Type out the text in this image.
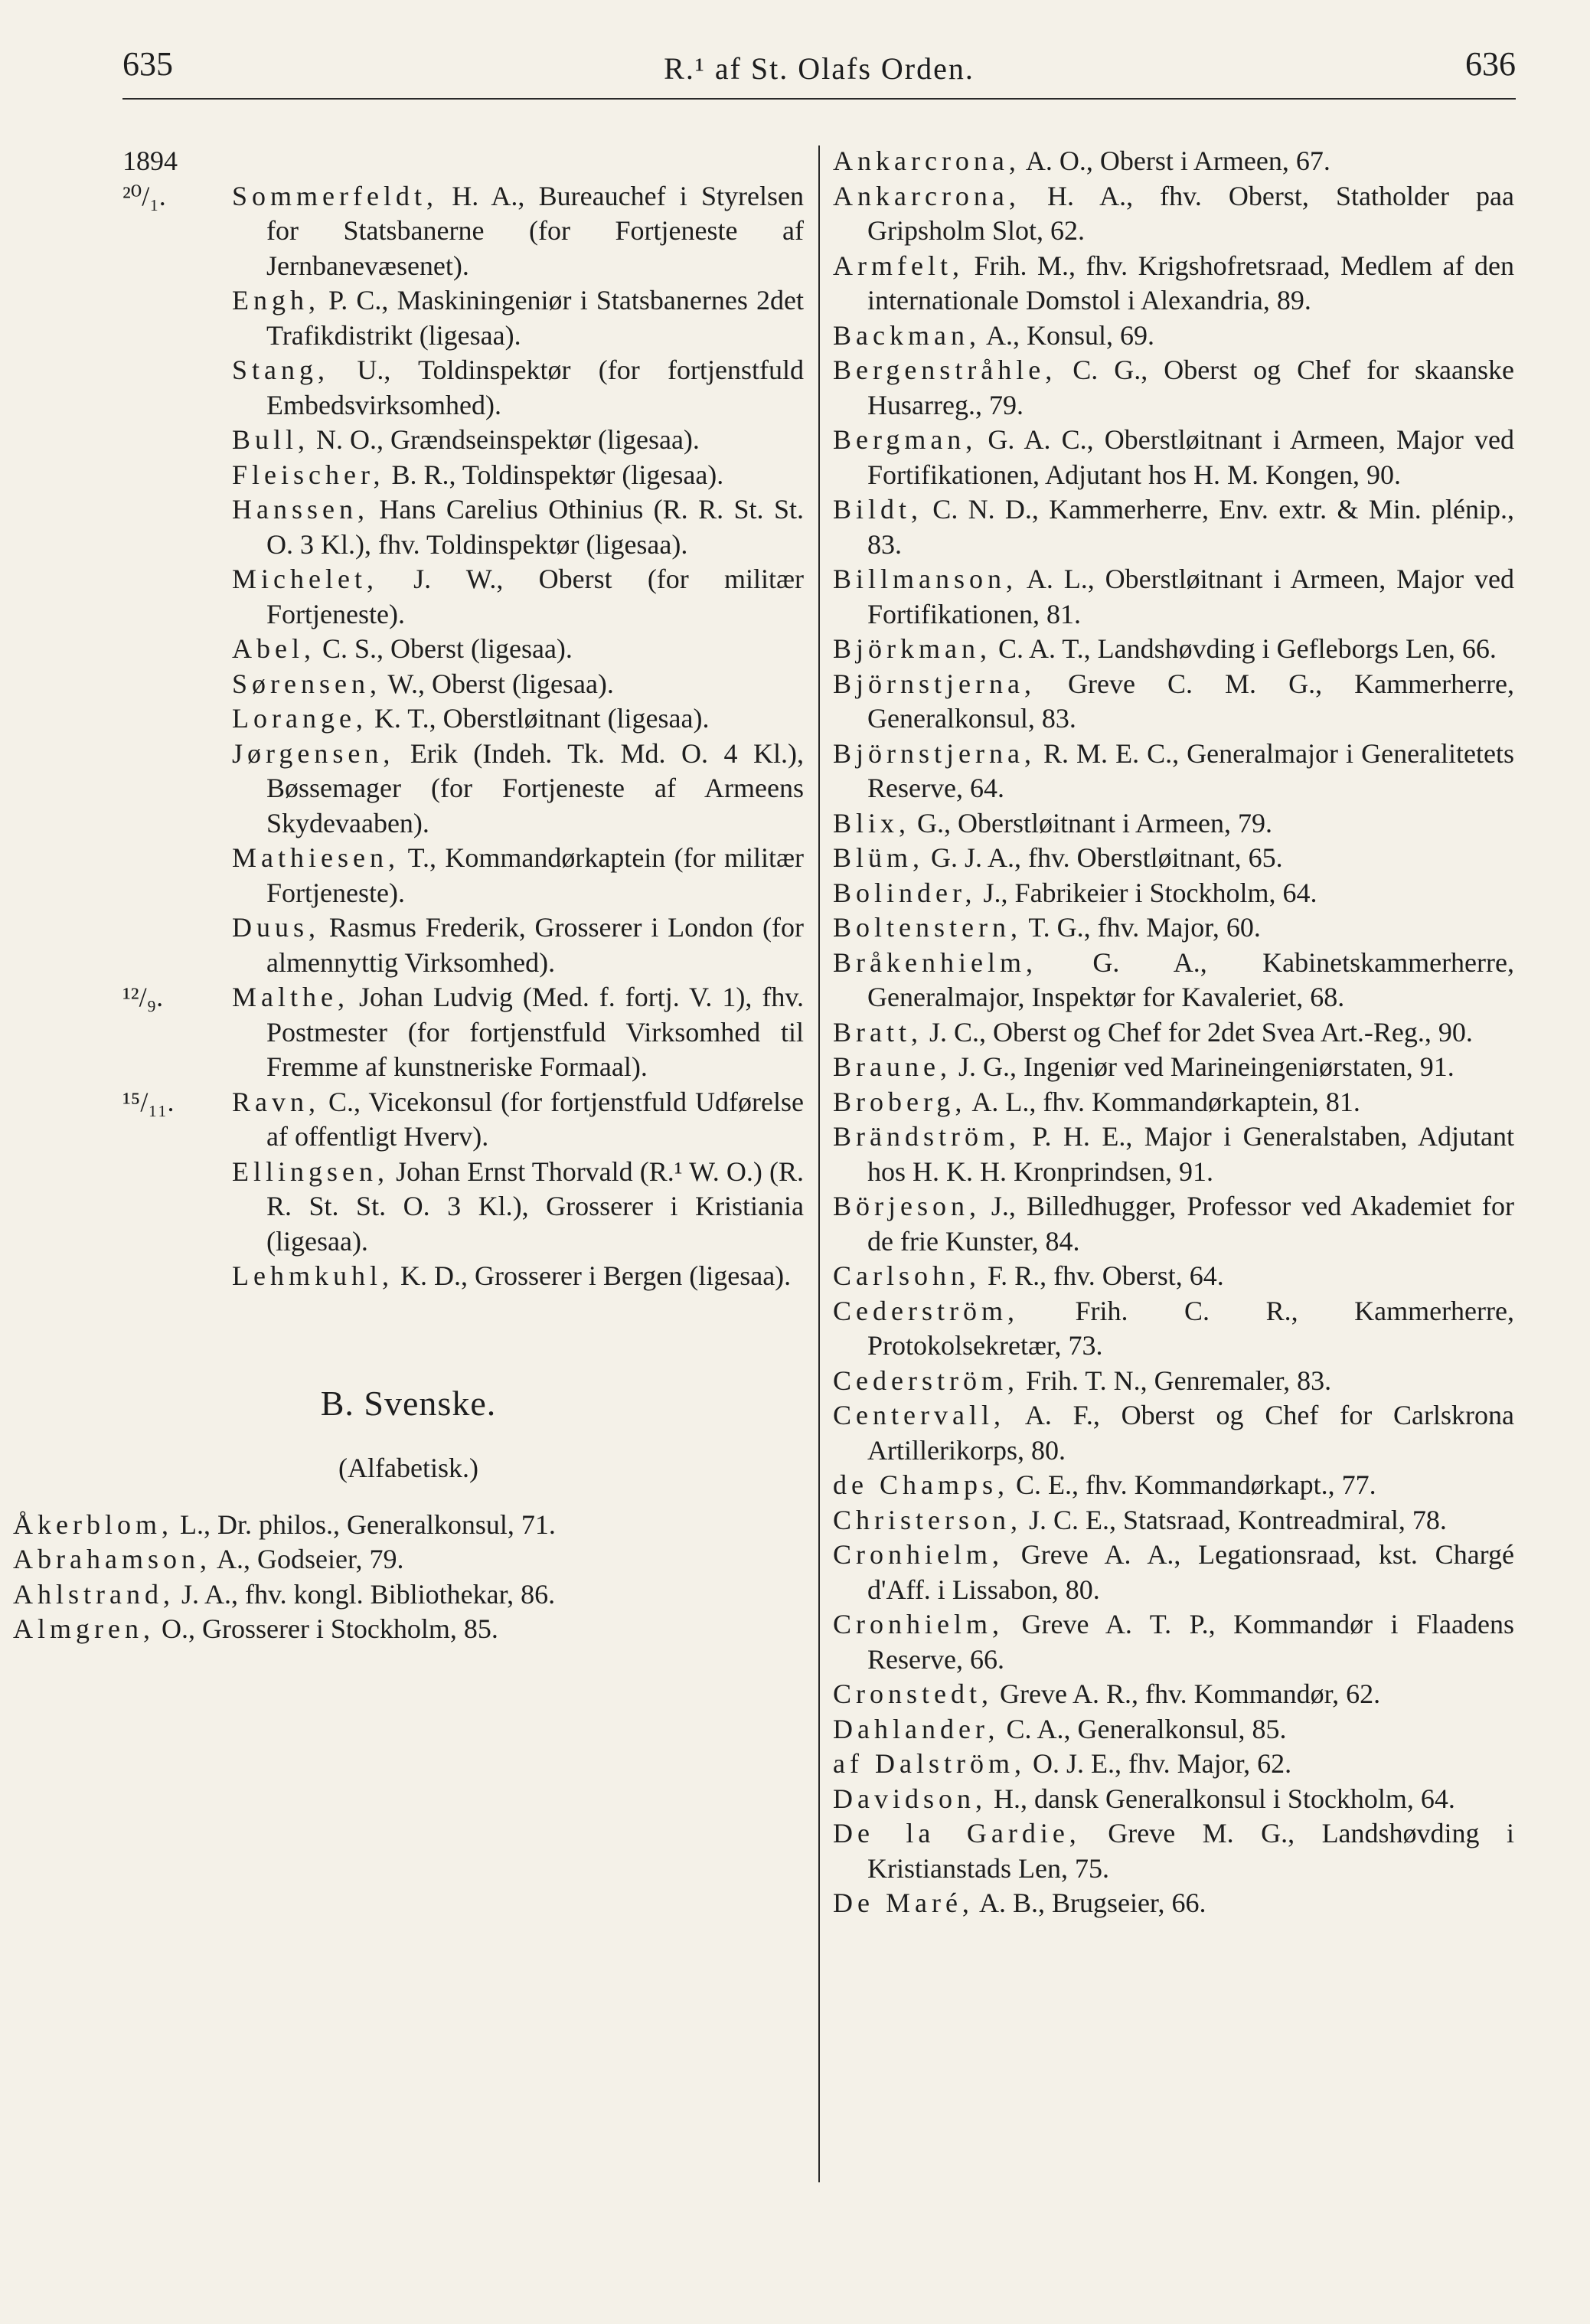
635	R.¹ af St. Olafs Orden.	636
1894
²⁰/₁.	Sommerfeldt, H. A., Bureauchef i Styrelsen for Statsbanerne (for Fortjeneste af Jernbanevæsenet).
Engh, P. C., Maskiningeniør i Statsbanernes 2det Trafikdistrikt (ligesaa).
Stang, U., Toldinspektør (for fortjenstfuld Embedsvirksomhed).
Bull, N. O., Grændseinspektør (ligesaa).
Fleischer, B. R., Toldinspektør (ligesaa).
Hanssen, Hans Carelius Othinius (R. R. St. St. O. 3 Kl.), fhv. Toldinspektør (ligesaa).
Michelet, J. W., Oberst (for militær Fortjeneste).
Abel, C. S., Oberst (ligesaa).
Sørensen, W., Oberst (ligesaa).
Lorange, K. T., Oberstløitnant (ligesaa).
Jørgensen, Erik (Indeh. Tk. Md. O. 4 Kl.), Bøssemager (for Fortjeneste af Armeens Skydevaaben).
Mathiesen, T., Kommandørkaptein (for militær Fortjeneste).
Duus, Rasmus Frederik, Grosserer i London (for almennyttig Virksomhed).
¹²/₉.	Malthe, Johan Ludvig (Med. f. fortj. V. 1), fhv. Postmester (for fortjenstfuld Virksomhed til Fremme af kunstneriske Formaal).
¹⁵/₁₁.	Ravn, C., Vicekonsul (for fortjenstfuld Udførelse af offentligt Hverv).
Ellingsen, Johan Ernst Thorvald (R.¹ W. O.) (R. R. St. St. O. 3 Kl.), Grosserer i Kristiania (ligesaa).
Lehmkuhl, K. D., Grosserer i Bergen (ligesaa).
B. Svenske.
(Alfabetisk.)
Åkerblom, L., Dr. philos., Generalkonsul, 71.
Abrahamson, A., Godseier, 79.
Ahlstrand, J. A., fhv. kongl. Bibliothekar, 86.
Almgren, O., Grosserer i Stockholm, 85.
Ankarcrona, A. O., Oberst i Armeen, 67.
Ankarcrona, H. A., fhv. Oberst, Statholder paa Gripsholm Slot, 62.
Armfelt, Frih. M., fhv. Krigshofretsraad, Medlem af den internationale Domstol i Alexandria, 89.
Backman, A., Konsul, 69.
Bergenstråhle, C. G., Oberst og Chef for skaanske Husarreg., 79.
Bergman, G. A. C., Oberstløitnant i Armeen, Major ved Fortifikationen, Adjutant hos H. M. Kongen, 90.
Bildt, C. N. D., Kammerherre, Env. extr. & Min. plénip., 83.
Billmanson, A. L., Oberstløitnant i Armeen, Major ved Fortifikationen, 81.
Björkman, C. A. T., Landshøvding i Gefleborgs Len, 66.
Björnstjerna, Greve C. M. G., Kammerherre, Generalkonsul, 83.
Björnstjerna, R. M. E. C., Generalmajor i Generalitetets Reserve, 64.
Blix, G., Oberstløitnant i Armeen, 79.
Blüm, G. J. A., fhv. Oberstløitnant, 65.
Bolinder, J., Fabrikeier i Stockholm, 64.
Boltenstern, T. G., fhv. Major, 60.
Bråkenhielm, G. A., Kabinetskammerherre, Generalmajor, Inspektør for Kavaleriet, 68.
Bratt, J. C., Oberst og Chef for 2det Svea Art.-Reg., 90.
Braune, J. G., Ingeniør ved Marineingeniørstaten, 91.
Broberg, A. L., fhv. Kommandørkaptein, 81.
Brändström, P. H. E., Major i Generalstaben, Adjutant hos H. K. H. Kronprindsen, 91.
Börjeson, J., Billedhugger, Professor ved Akademiet for de frie Kunster, 84.
Carlsohn, F. R., fhv. Oberst, 64.
Cederström, Frih. C. R., Kammerherre, Protokolsekretær, 73.
Cederström, Frih. T. N., Genremaler, 83.
Centervall, A. F., Oberst og Chef for Carlskrona Artillerikorps, 80.
de Champs, C. E., fhv. Kommandørkapt., 77.
Christerson, J. C. E., Statsraad, Kontreadmiral, 78.
Cronhielm, Greve A. A., Legationsraad, kst. Chargé d'Aff. i Lissabon, 80.
Cronhielm, Greve A. T. P., Kommandør i Flaadens Reserve, 66.
Cronstedt, Greve A. R., fhv. Kommandør, 62.
Dahlander, C. A., Generalkonsul, 85.
af Dalström, O. J. E., fhv. Major, 62.
Davidson, H., dansk Generalkonsul i Stockholm, 64.
De la Gardie, Greve M. G., Landshøvding i Kristianstads Len, 75.
De Maré, A. B., Brugseier, 66.
